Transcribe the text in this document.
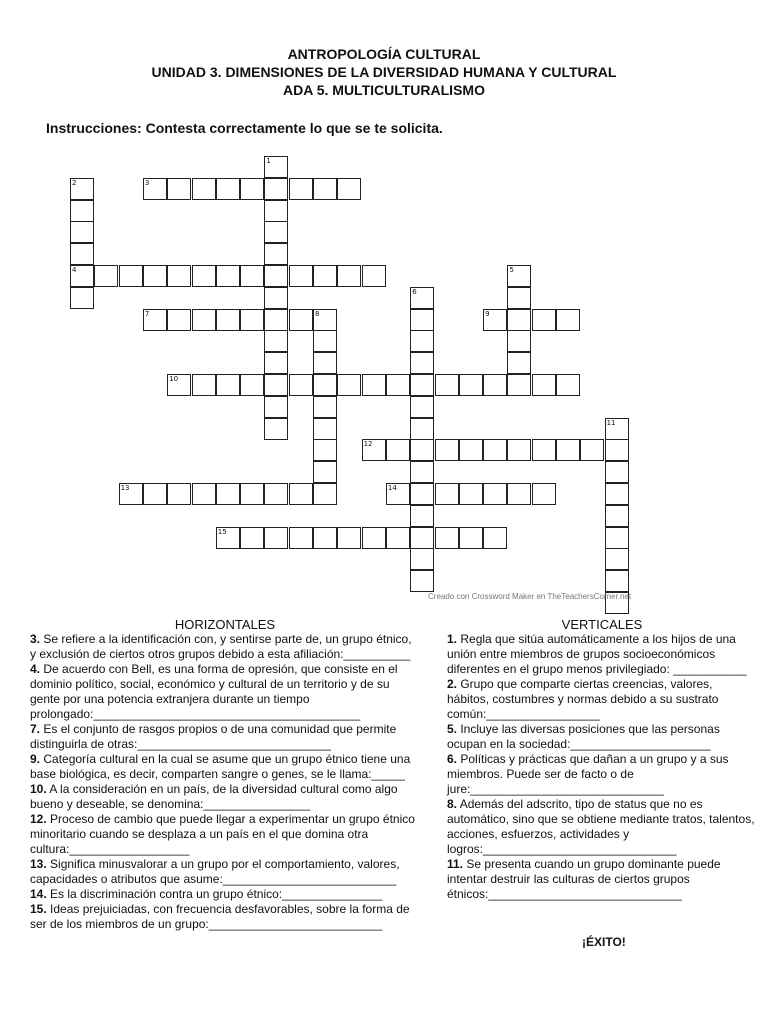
ANTROPOLOGÍA CULTURAL
UNIDAD 3. DIMENSIONES DE LA DIVERSIDAD HUMANA Y CULTURAL
ADA 5. MULTICULTURALISMO
Instrucciones: Contesta correctamente lo que se te solicita.
1
2
4
3
5
6
7	8	9
10
11
12
13	14
15
Creado con Crossword Maker en TheTeachersCorner.net
HORIZONTALES

3. Se refiere a la identificación con, y sentirse parte de, un grupo étnico, y exclusión de ciertos otros grupos debido a esta afiliación:__________

4. De acuerdo con Bell, es una forma de opresión, que consiste en el dominio político, social, económico y cultural de un territorio y de su gente por una potencia extranjera durante un tiempo prolongado:________________________________________

7. Es el conjunto de rasgos propios o de una comunidad que permite distinguirla de otras:_____________________________

9. Categoría cultural en la cual se asume que un grupo étnico tiene una base biológica, es decir, comparten sangre o genes, se le llama:_____

10. A la consideración en un país, de la diversidad cultural como algo bueno y deseable, se denomina:________________

12. Proceso de cambio que puede llegar a experimentar un grupo étnico minoritario cuando se desplaza a un país en el que domina otra cultura:__________________

13. Significa minusvalorar a un grupo por el comportamiento, valores, capacidades o atributos que asume:__________________________

14. Es la discriminación contra un grupo étnico:_______________

15. Ideas prejuiciadas, con frecuencia desfavorables, sobre la forma de ser de los miembros de un grupo:__________________________

VERTICALES

1. Regla que sitúa automáticamente a los hijos de una unión entre miembros de grupos socioeconómicos diferentes en el grupo menos privilegiado: ___________

2. Grupo que comparte ciertas creencias, valores, hábitos, costumbres y normas debido a su sustrato común:_________________

5. Incluye las diversas posiciones que las personas ocupan en la sociedad:_____________________

6. Políticas y prácticas que dañan a un grupo y a sus miembros. Puede ser de facto o de jure:_____________________________

8. Además del adscrito, tipo de status que no es automático, sino que se obtiene mediante tratos, talentos, acciones, esfuerzos, actividades y logros:_____________________________

11. Se presenta cuando un grupo dominante puede intentar destruir las culturas de ciertos grupos étnicos:_____________________________

¡ÉXITO!
